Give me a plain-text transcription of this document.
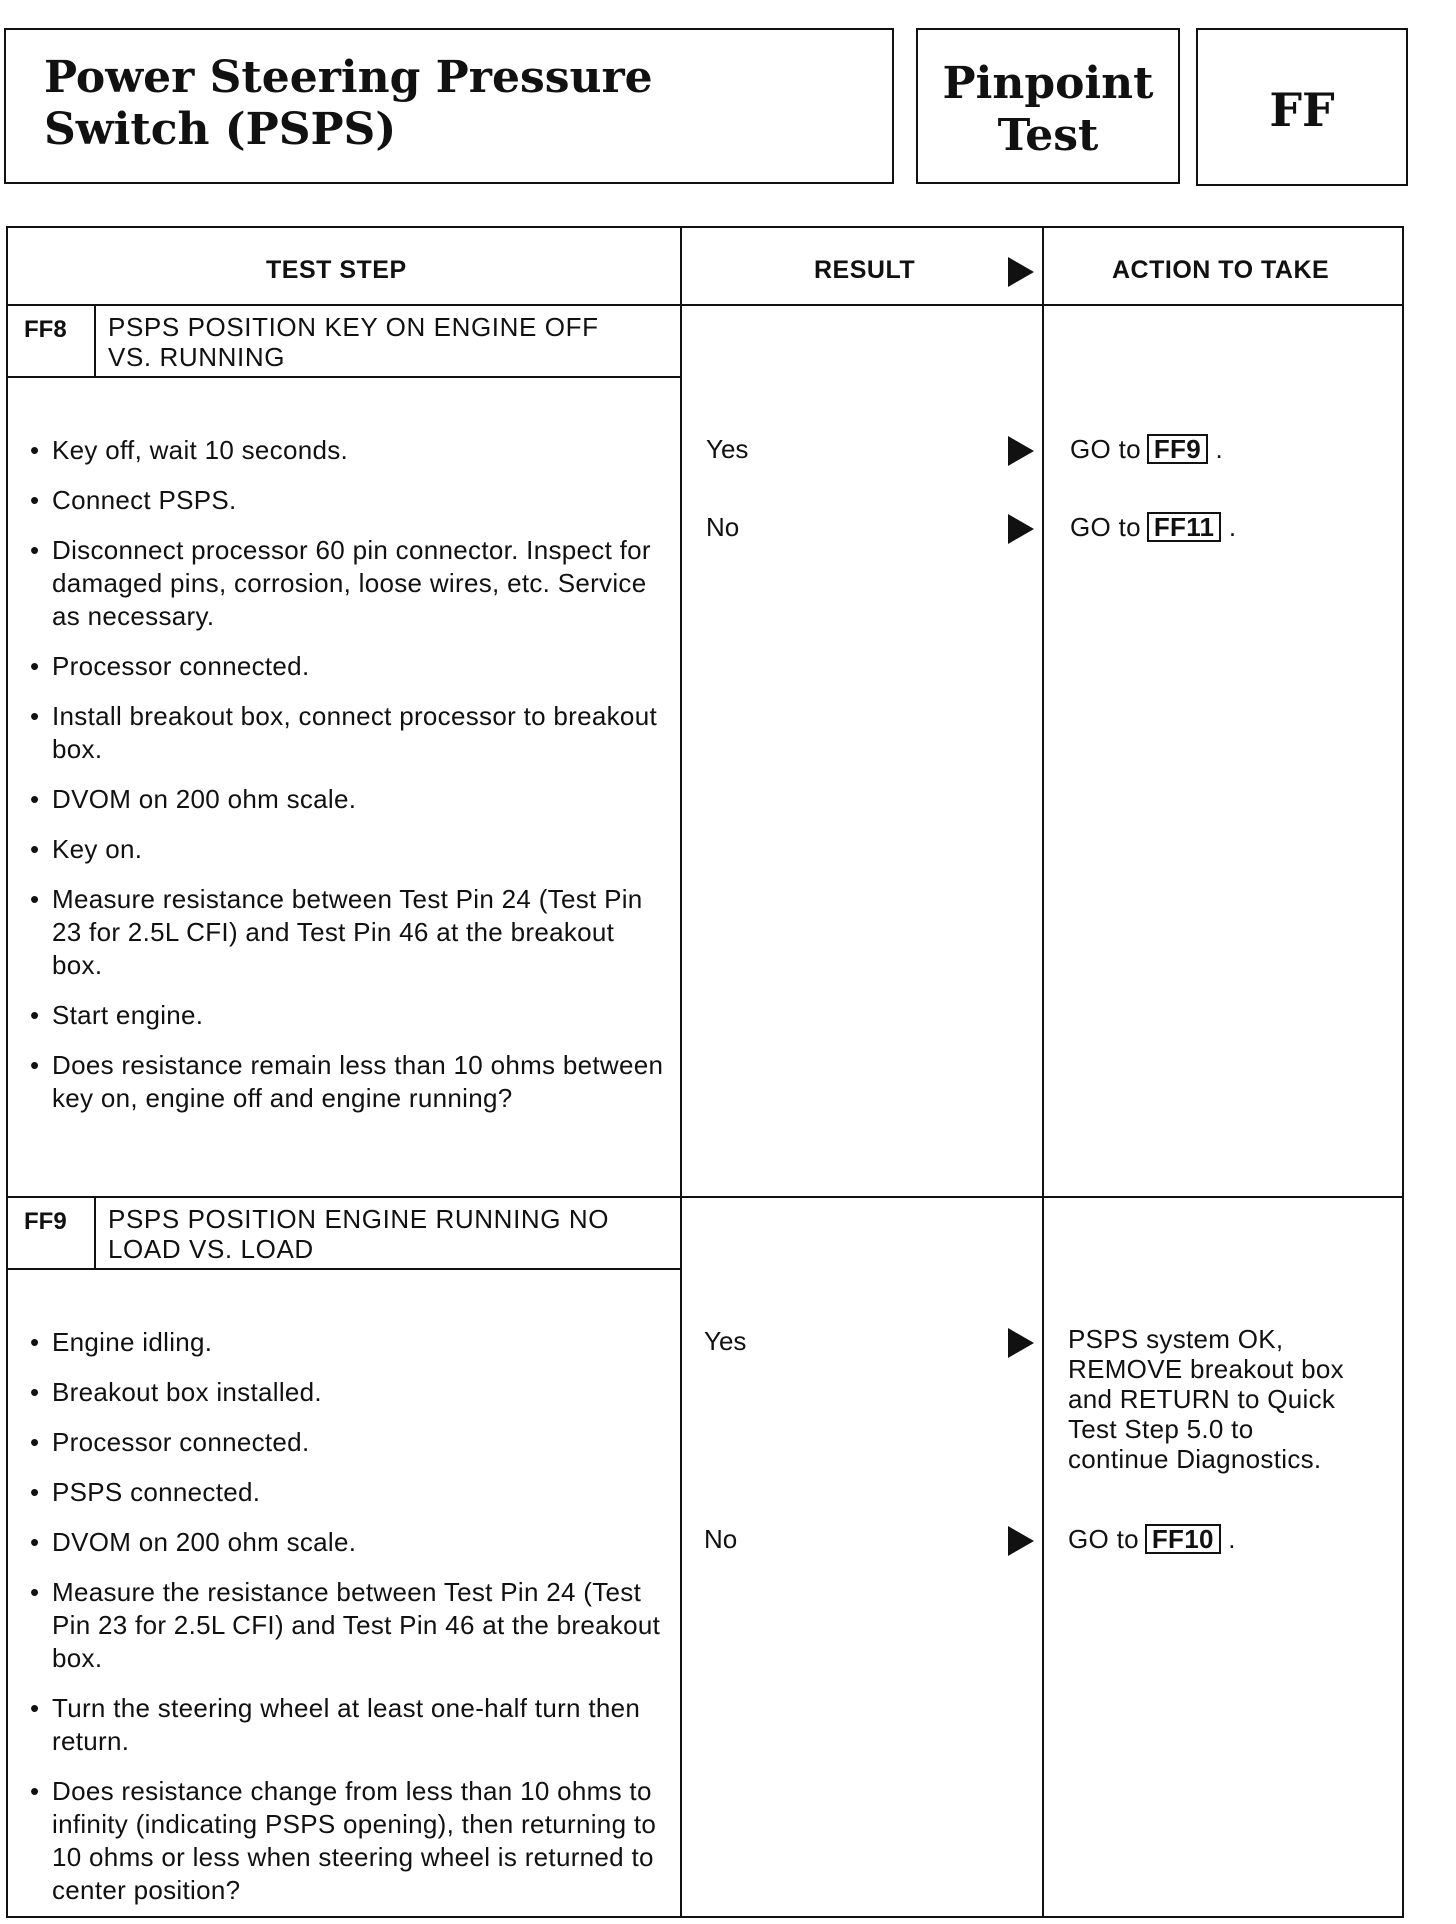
Power Steering Pressure
Switch (PSPS)
Pinpoint
Test	FF
TEST STEP	RESULT	ACTION TO TAKE
FF8	PSPS POSITION KEY ON ENGINE OFF
VS. RUNNING
• Key off, wait 10 seconds.
• Connect PSPS.
• Disconnect processor 60 pin connector. Inspect for damaged pins, corrosion, loose wires, etc. Service as necessary.
• Processor connected.
• Install breakout box, connect processor to breakout box.
• DVOM on 200 ohm scale.
• Key on.
• Measure resistance between Test Pin 24 (Test Pin 23 for 2.5L CFI) and Test Pin 46 at the breakout box.
• Start engine.
• Does resistance remain less than 10 ohms between key on, engine off and engine running?
Yes	GO to FF9 .
No	GO to FF11 .
FF9	PSPS POSITION ENGINE RUNNING NO
LOAD VS. LOAD
• Engine idling.
• Breakout box installed.
• Processor connected.
• PSPS connected.
• DVOM on 200 ohm scale.
• Measure the resistance between Test Pin 24 (Test Pin 23 for 2.5L CFI) and Test Pin 46 at the breakout box.
• Turn the steering wheel at least one-half turn then return.
• Does resistance change from less than 10 ohms to infinity (indicating PSPS opening), then returning to 10 ohms or less when steering wheel is returned to center position?
Yes	PSPS system OK,
REMOVE breakout box
and RETURN to Quick
Test Step 5.0 to
continue Diagnostics.
No	GO to FF10 .
